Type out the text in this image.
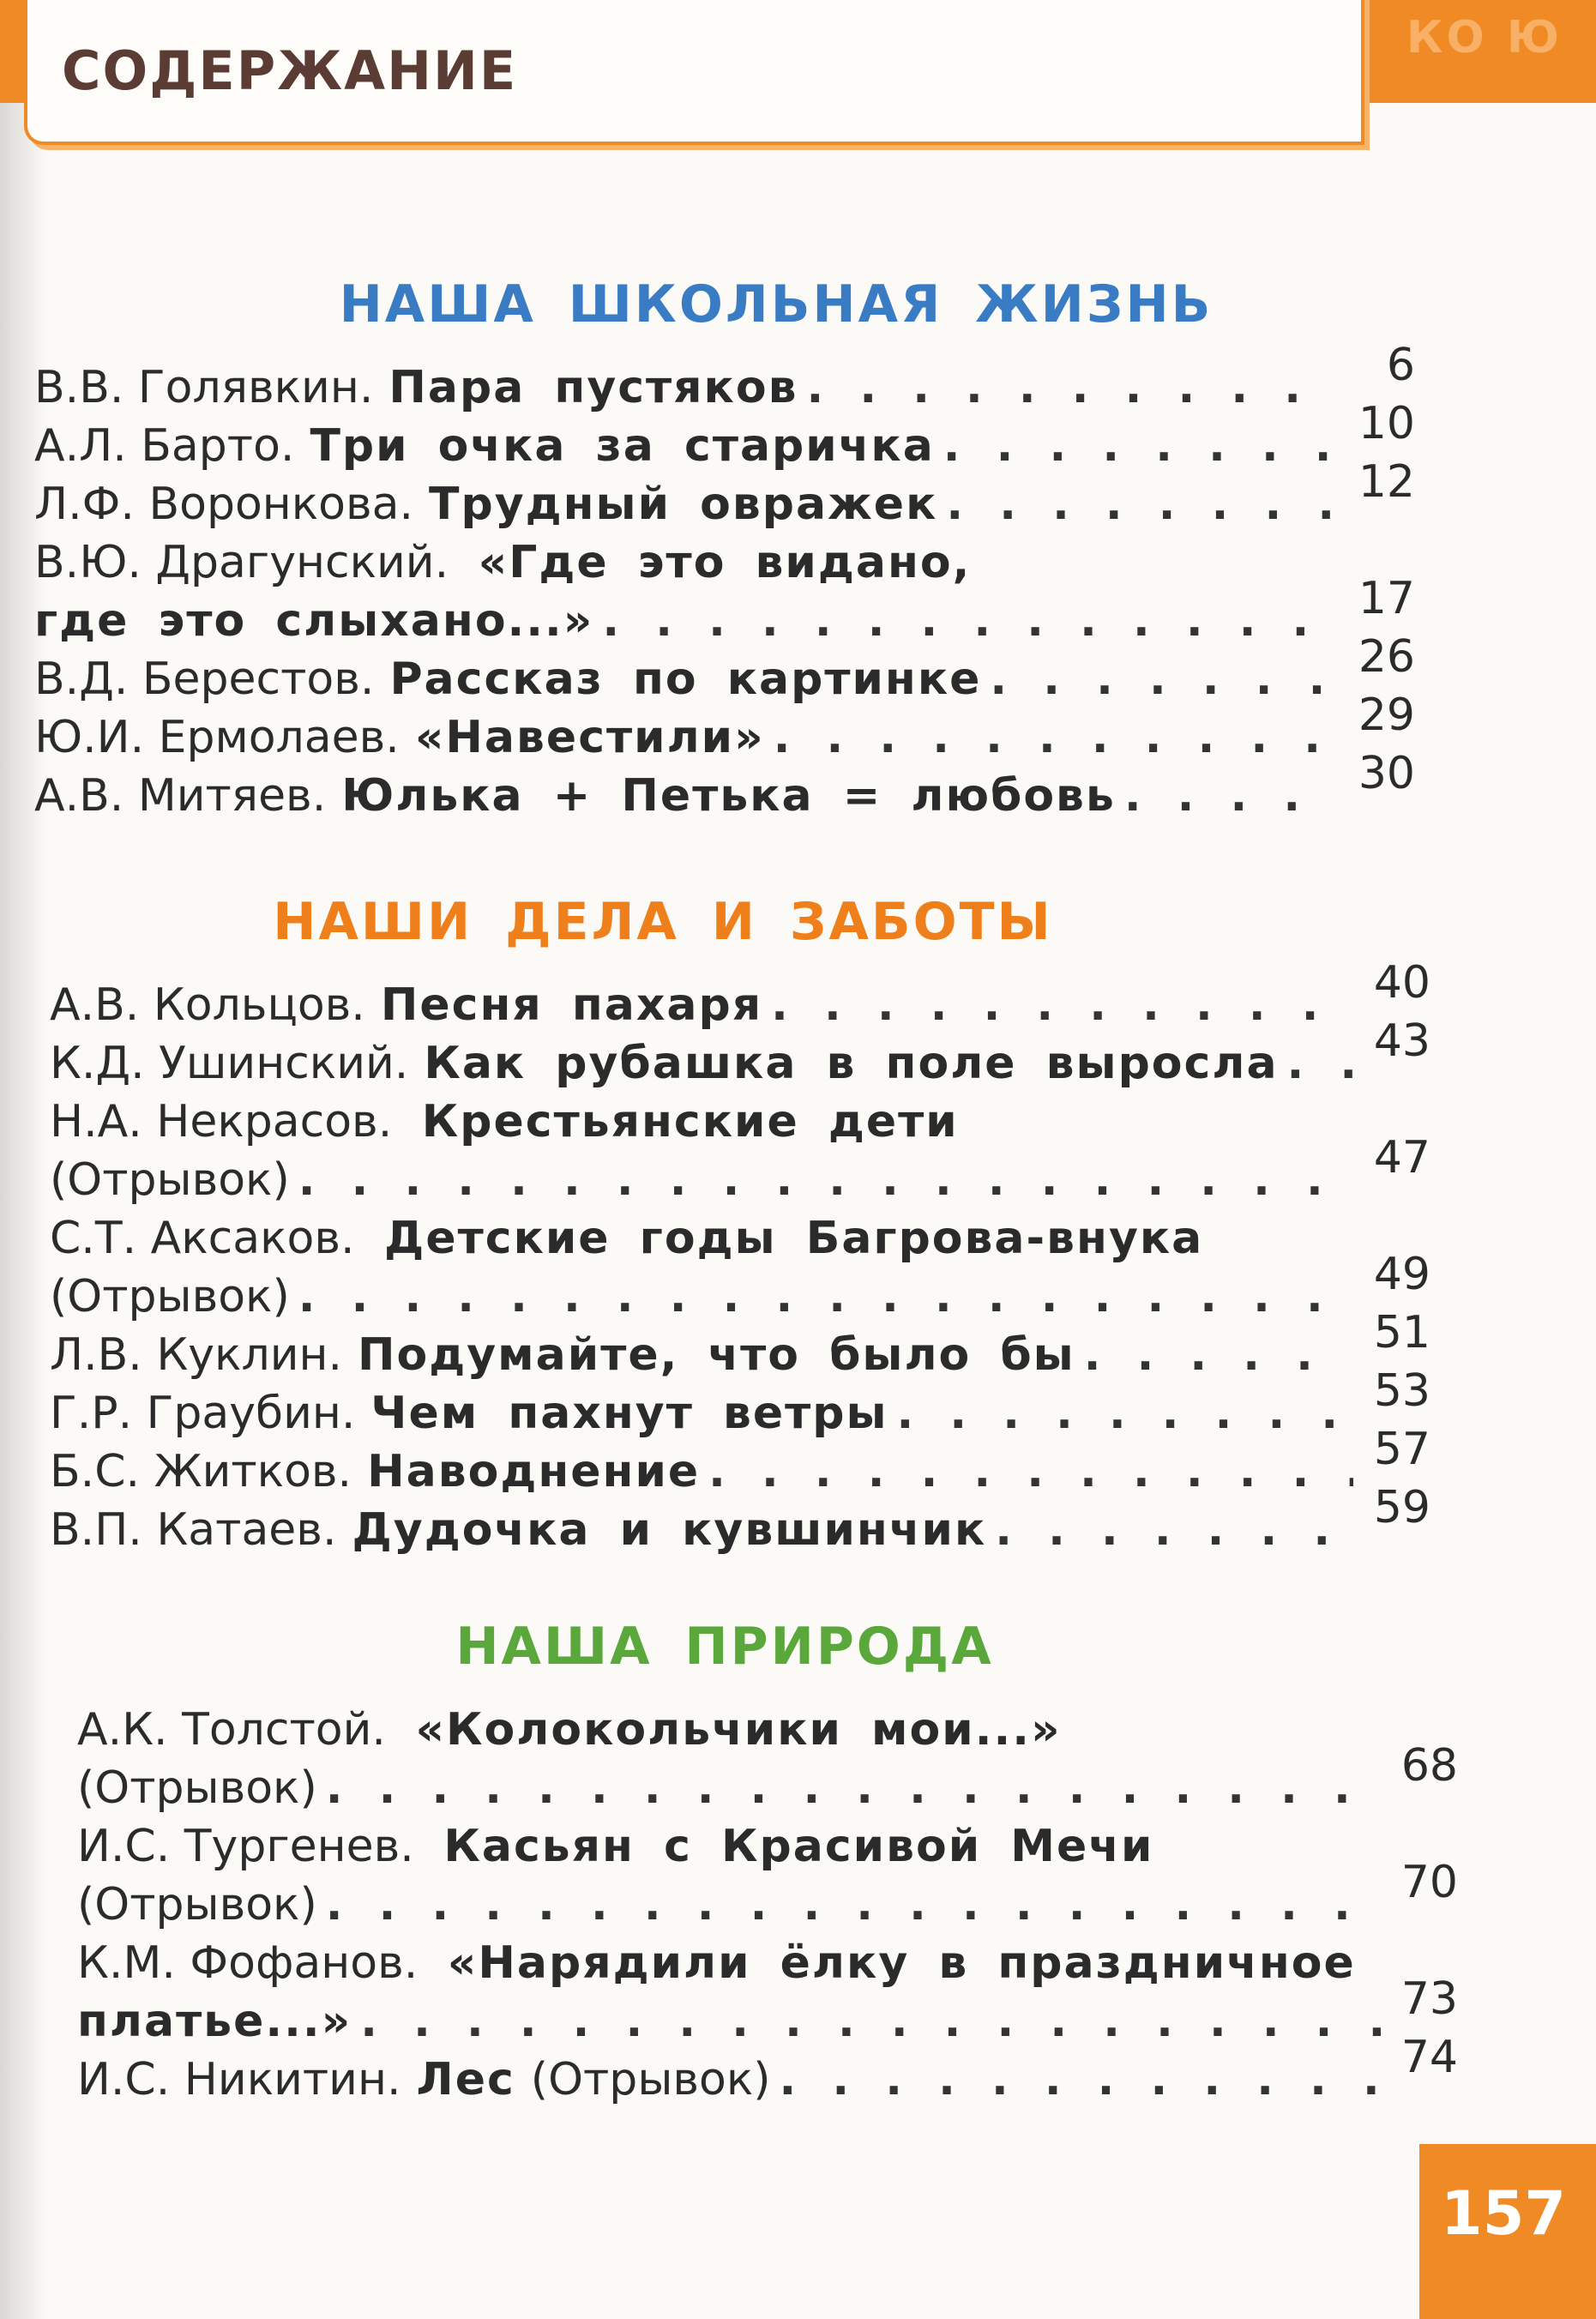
КО Ю
СОДЕРЖАНИЕ
НАША ШКОЛЬНАЯ ЖИЗНЬ
В.В. Голявкин. Пара пустяков . . .	6
А.Л. Барто. Три очка за старичка . . .	10
Л.Ф. Воронкова. Трудный овражек . . .	12
В.Ю. Драгунский. «Где это видано,
где это слыхано...» . . .	17
В.Д. Берестов. Рассказ по картинке . . .	26
Ю.И. Ермолаев. «Навестили» . . .	29
А.В. Митяев. Юлька + Петька = любовь . . .	30
НАШИ ДЕЛА И ЗАБОТЫ
А.В. Кольцов. Песня пахаря . . .	40
К.Д. Ушинский. Как рубашка в поле выросла . . . 43
Н.А. Некрасов. Крестьянские дети
(Отрывок) . . .	47
С.Т. Аксаков. Детские годы Багрова-внука
(Отрывок) . . .	49
Л.В. Куклин. Подумайте, что было бы . . .	51
Г.Р. Граубин. Чем пахнут ветры . . .	53
Б.С. Житков. Наводнение . . .	57
В.П. Катаев. Дудочка и кувшинчик . . .	59
НАША ПРИРОДА
А.К. Толстой. «Колокольчики мои...»
(Отрывок) . . .	68
И.С. Тургенев. Касьян с Красивой Мечи
(Отрывок) . . .	70
К.М. Фофанов. «Нарядили ёлку в праздничное
платье...» . . .	73
И.С. Никитин. Лес (Отрывок) . . .	74
157
